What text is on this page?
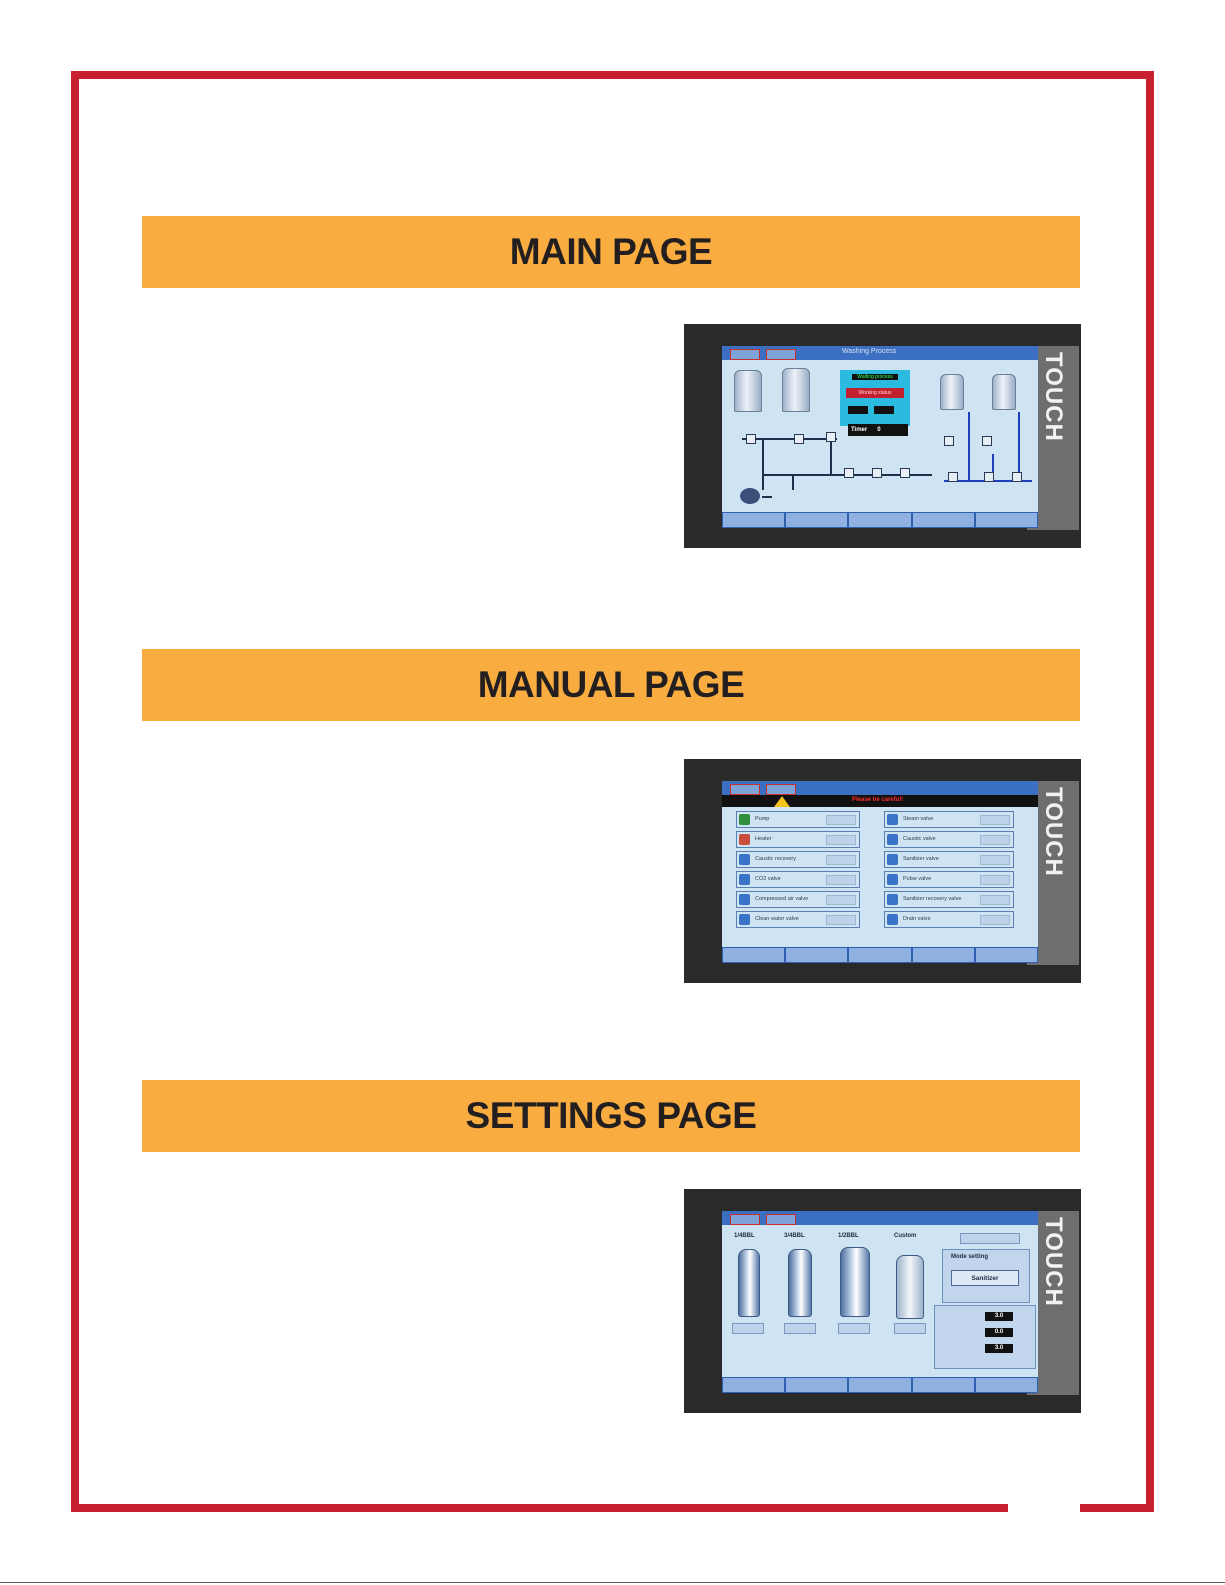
MAIN PAGE
TOUCH
Washing Process
Waiting process
Working status
Timer 0
MANUAL PAGE
TOUCH
Please be careful!
Pump
Heater
Caustic recovery
CO2 valve
Compressed air valve
Clean water valve
Steam valve
Caustic valve
Sanitizer valve
Pulse valve
Sanitizer recovery valve
Drain valve
SETTINGS PAGE
TOUCH
1/4BBL	3/4BBL	1/2BBL	Custom
Mode setting
Sanitizer
3.0
0.0
3.0
